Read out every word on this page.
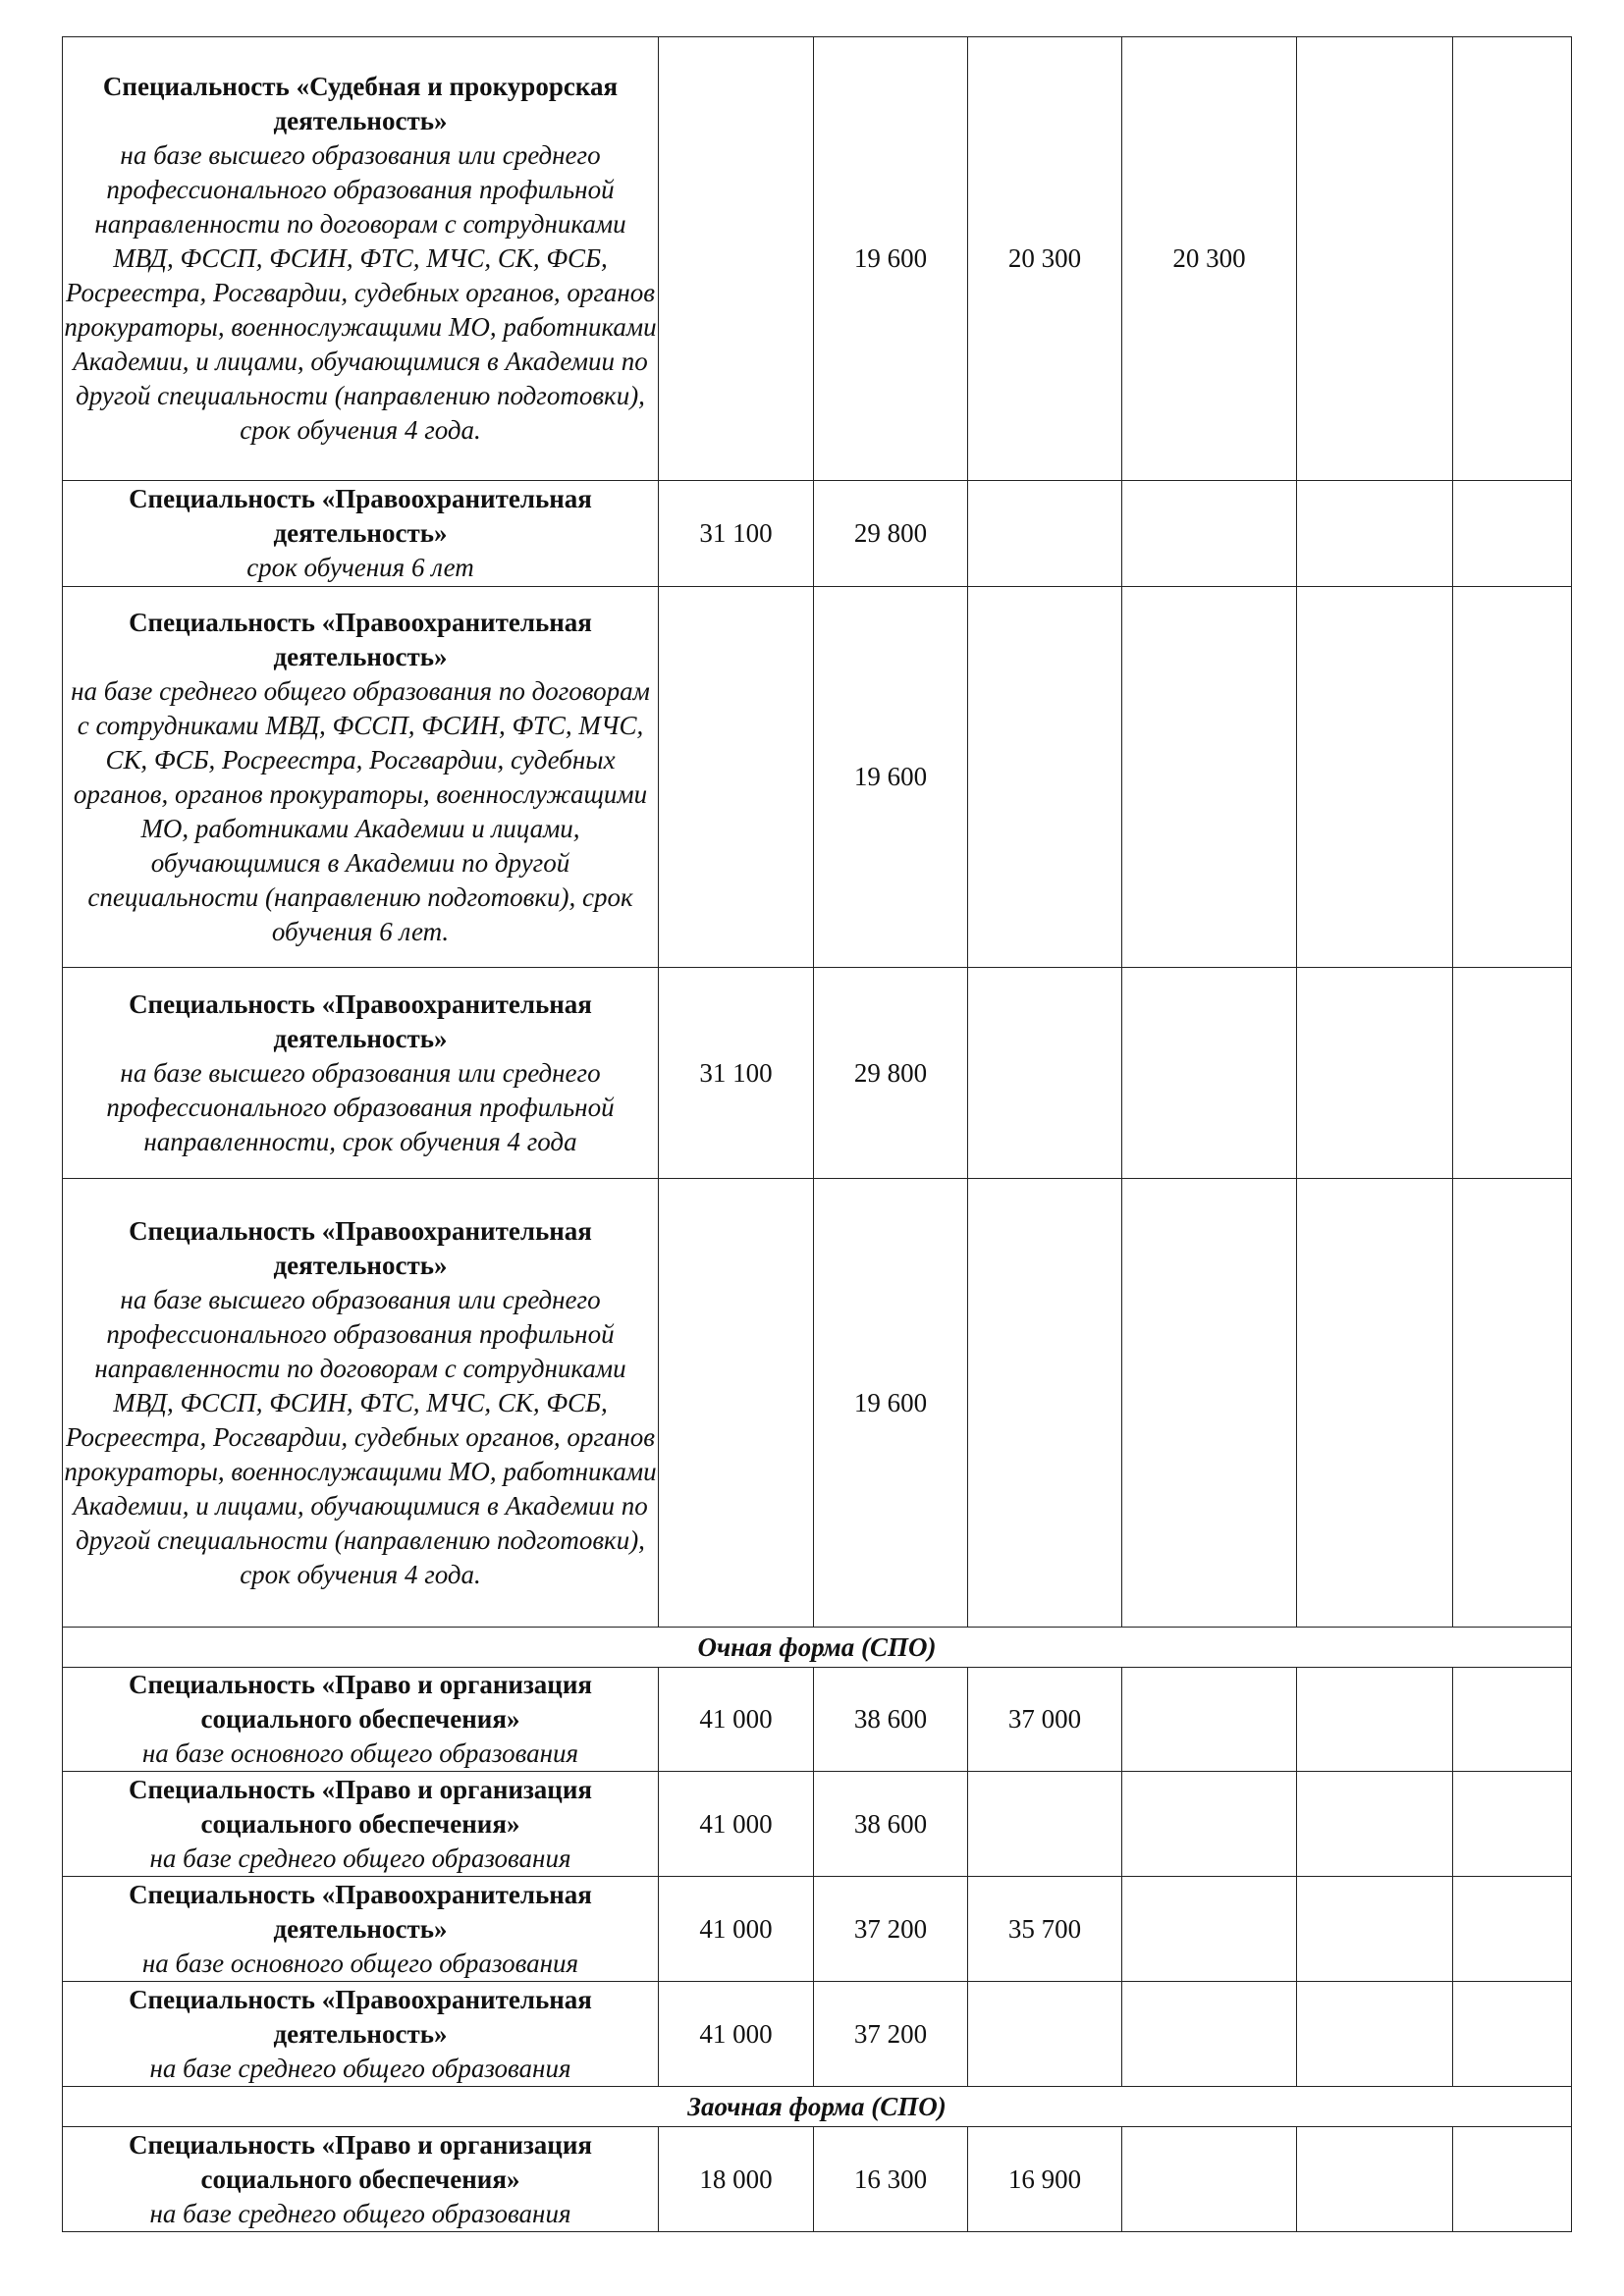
Специальность «Судебная и прокурорская деятельность»
на базе высшего образования или среднего профессионального образования профильной направленности по договорам с сотрудниками МВД, ФССП, ФСИН, ФТС, МЧС, СК, ФСБ, Росреестра, Росгвардии, судебных органов, органов прокураторы, военнослужащими МО, работниками Академии, и лицами, обучающимися в Академии по другой специальности (направлению подготовки), срок обучения 4 года.		19 600	20 300	20 300			

Специальность «Правоохранительная деятельность»
срок обучения 6 лет	31 100	29 800					

Специальность «Правоохранительная деятельность»
на базе среднего общего образования по договорам с сотрудниками МВД, ФССП, ФСИН, ФТС, МЧС, СК, ФСБ, Росреестра, Росгвардии, судебных органов, органов прокураторы, военнослужащими МО, работниками Академии и лицами, обучающимися в Академии по другой специальности (направлению подготовки), срок обучения 6 лет.		19 600					

Специальность «Правоохранительная деятельность»
на базе высшего образования или среднего профессионального образования профильной направленности, срок обучения 4 года	31 100	29 800					

Специальность «Правоохранительная деятельность»
на базе высшего образования или среднего профессионального образования профильной направленности по договорам с сотрудниками МВД, ФССП, ФСИН, ФТС, МЧС, СК, ФСБ, Росреестра, Росгвардии, судебных органов, органов прокураторы, военнослужащими МО, работниками Академии, и лицами, обучающимися в Академии по другой специальности (направлению подготовки), срок обучения 4 года.		19 600					
Очная форма (СПО)							

Специальность «Право и организация социального обеспечения»
на базе основного общего образования	41 000	38 600	37 000				

Специальность «Право и организация социального обеспечения»
на базе среднего общего образования	41 000	38 600					

Специальность «Правоохранительная деятельность»
на базе основного общего образования	41 000	37 200	35 700				

Специальность «Правоохранительная деятельность»
на базе среднего общего образования	41 000	37 200					
Заочная форма (СПО)							

Специальность «Право и организация социального обеспечения»
на базе среднего общего образования	18 000	16 300	16 900				
